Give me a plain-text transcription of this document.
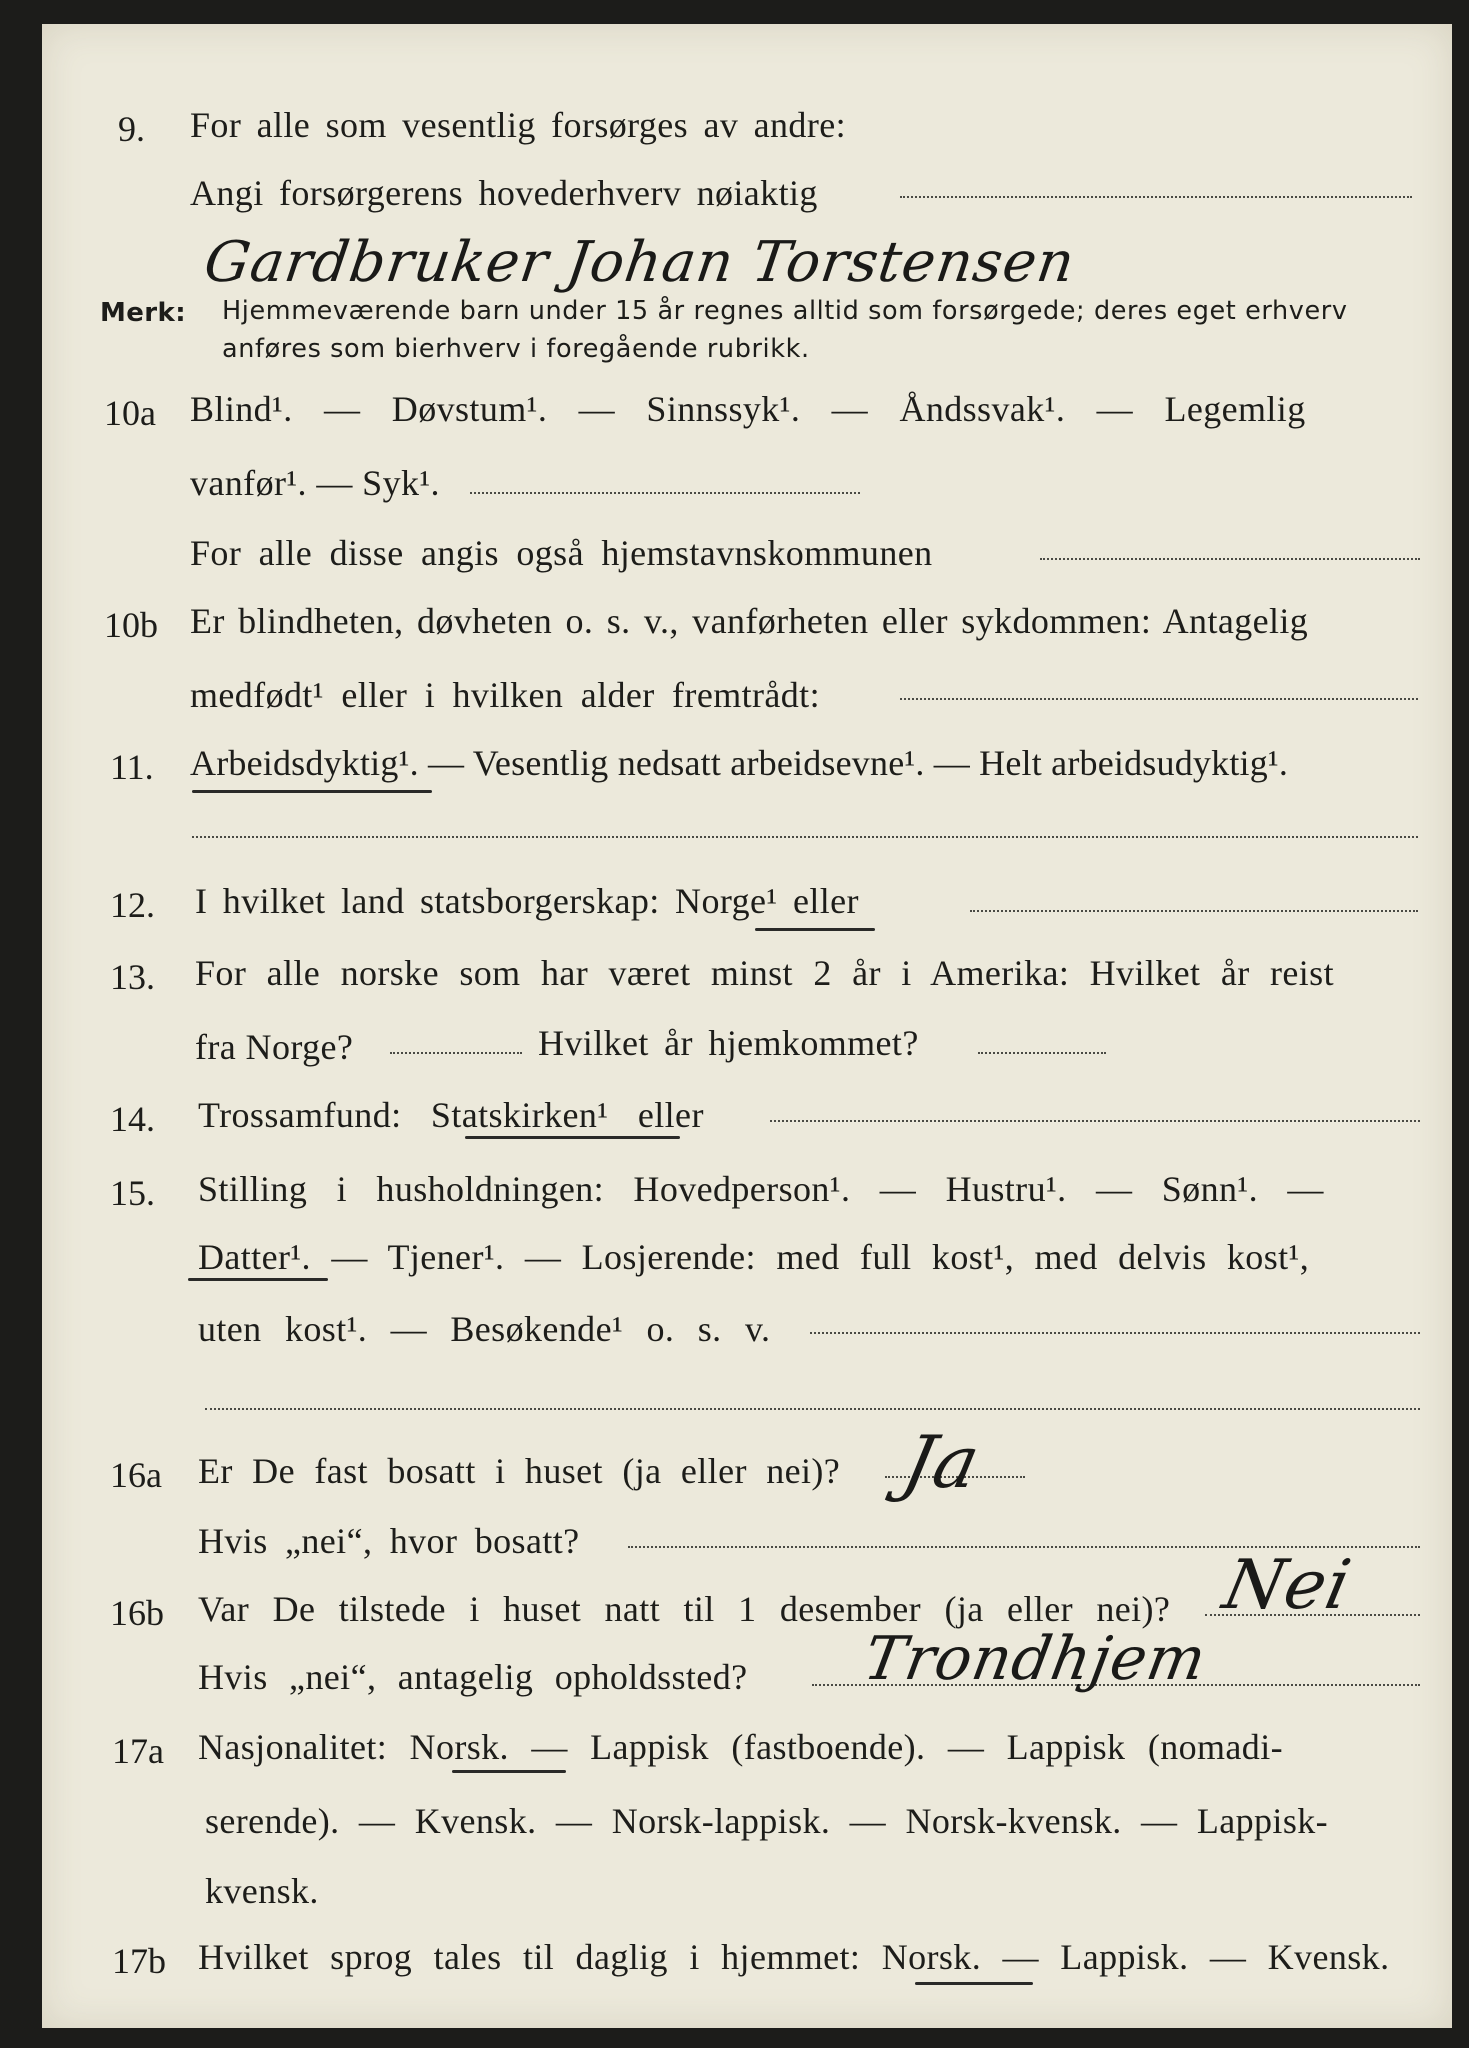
9. For alle som vesentlig forsørges av andre:
Angi forsørgerens hovederhverv nøiaktig
Gardbruker Johan Torstensen
Merk: Hjemmeværende barn under 15 år regnes alltid som forsørgede; deres eget erhverv
anføres som bierhverv i foregående rubrikk.
10a Blind¹. — Døvstum¹. — Sinnssyk¹. — Åndssvak¹. — Legemlig
vanfør¹. — Syk¹.
For alle disse angis også hjemstavnskommunen
10b Er blindheten, døvheten o. s. v., vanførheten eller sykdommen: Antagelig
medfødt¹ eller i hvilken alder fremtrådt:
11. Arbeidsdyktig¹. — Vesentlig nedsatt arbeidsevne¹. — Helt arbeidsudyktig¹.
12. I hvilket land statsborgerskap: Norge¹ eller
13. For alle norske som har været minst 2 år i Amerika: Hvilket år reist
fra Norge?	Hvilket år hjemkommet?
14. Trossamfund: Statskirken¹ eller
15. Stilling i husholdningen: Hovedperson¹. — Hustru¹. — Sønn¹. —
Datter¹. — Tjener¹. — Losjerende: med full kost¹, med delvis kost¹,
uten kost¹. — Besøkende¹ o. s. v.
16a Er De fast bosatt i huset (ja eller nei)? Ja
Hvis „nei“, hvor bosatt?
16b Var De tilstede i huset natt til 1 desember (ja eller nei)? Nei
Hvis „nei“, antagelig opholdssted? Trondhjem
17a Nasjonalitet: Norsk. — Lappisk (fastboende). — Lappisk (nomadi-
serende). — Kvensk. — Norsk-lappisk. — Norsk-kvensk. — Lappisk-
kvensk.
17b Hvilket sprog tales til daglig i hjemmet: Norsk. — Lappisk. — Kvensk.
